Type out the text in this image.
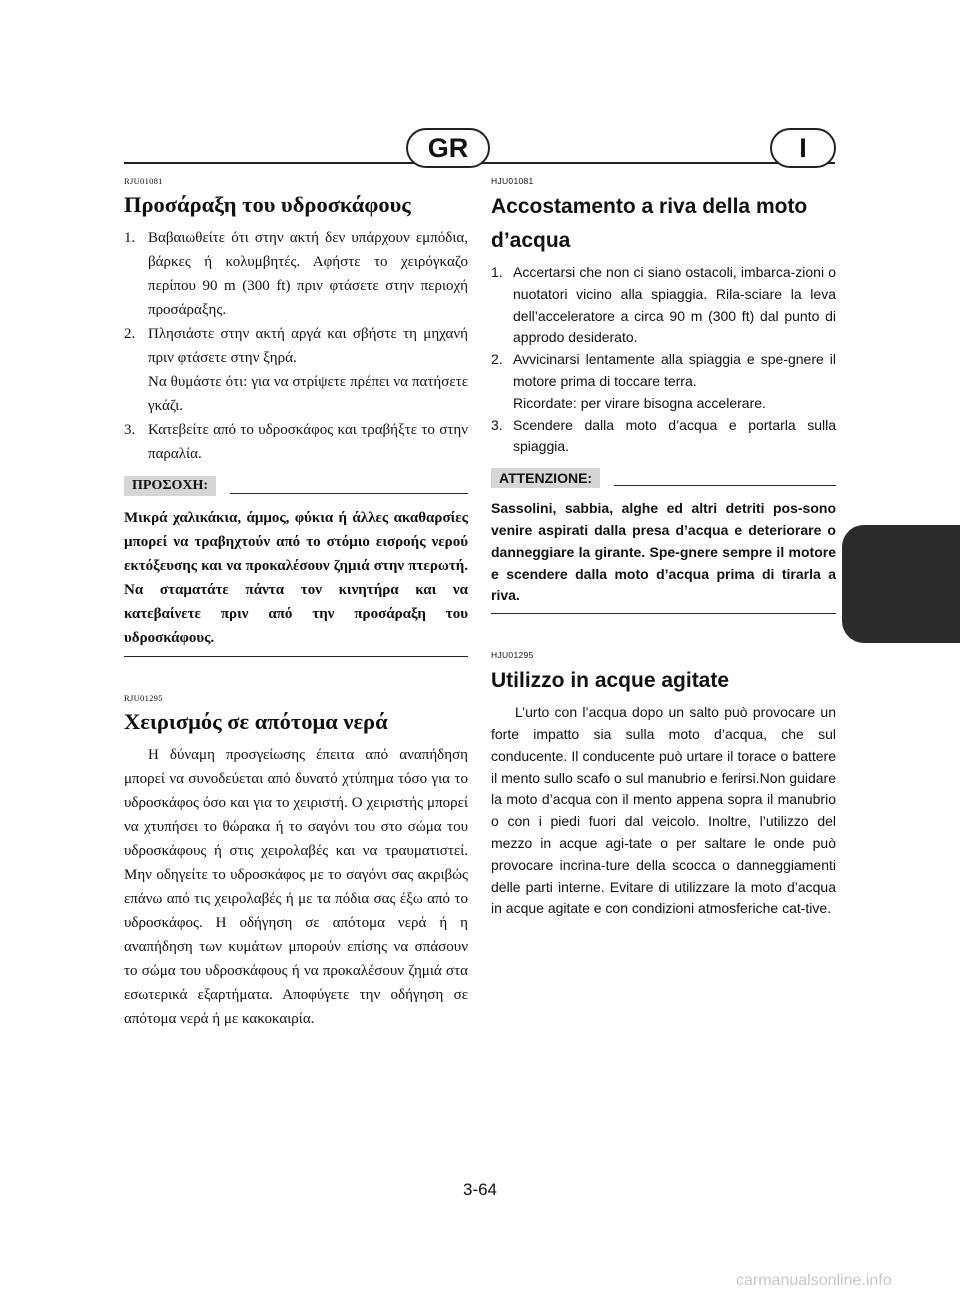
GR	I
RJU01081
Προσάραξη του υδροσκάφους
1. Βαβαιωθείτε ότι στην ακτή δεν υπάρχουν εμπόδια, βάρκες ή κολυμβητές. Αφήστε το χειρόγκαζο περίπου 90 m (300 ft) πριν φτάσετε στην περιοχή προσάραξης.
2. Πλησιάστε στην ακτή αργά και σβήστε τη μηχανή πριν φτάσετε στην ξηρά.
Να θυμάστε ότι: για να στρίψετε πρέπει να πατήσετε γκάζι.
3. Κατεβείτε από το υδροσκάφος και τραβήξτε το στην παραλία.
ΠΡΟΣΟΧΗ:
Μικρά χαλικάκια, άμμος, φύκια ή άλλες ακαθαρσίες μπορεί να τραβηχτούν από το στόμιο εισροής νερού εκτόξευσης και να προκαλέσουν ζημιά στην πτερωτή. Να σταματάτε πάντα τον κινητήρα και να κατεβαίνετε πριν από την προσάραξη του υδροσκάφους.
RJU01295
Χειρισμός σε απότομα νερά
Η δύναμη προσγείωσης έπειτα από αναπήδηση μπορεί να συνοδεύεται από δυνατό χτύπημα τόσο για το υδροσκάφος όσο και για το χειριστή. Ο χειριστής μπορεί να χτυπήσει το θώρακα ή το σαγόνι του στο σώμα του υδροσκάφους ή στις χειρολαβές και να τραυματιστεί. Μην οδηγείτε το υδροσκάφος με το σαγόνι σας ακριβώς επάνω από τις χειρολαβές ή με τα πόδια σας έξω από το υδροσκάφος. Η οδήγηση σε απότομα νερά ή η αναπήδηση των κυμάτων μπορούν επίσης να σπάσουν το σώμα του υδροσκάφους ή να προκαλέσουν ζημιά στα εσωτερικά εξαρτήματα. Αποφύγετε την οδήγηση σε απότομα νερά ή με κακοκαιρία.
HJU01081
Accostamento a riva della moto d’acqua
1. Accertarsi che non ci siano ostacoli, imbarca-zioni o nuotatori vicino alla spiaggia. Rila-sciare la leva dell’acceleratore a circa 90 m (300 ft) dal punto di approdo desiderato.
2. Avvicinarsi lentamente alla spiaggia e spe-gnere il motore prima di toccare terra.
Ricordate: per virare bisogna accelerare.
3. Scendere dalla moto d’acqua e portarla sulla spiaggia.
ATTENZIONE:
Sassolini, sabbia, alghe ed altri detriti pos-sono venire aspirati dalla presa d’acqua e deteriorare o danneggiare la girante. Spe-gnere sempre il motore e scendere dalla moto d’acqua prima di tirarla a riva.
HJU01295
Utilizzo in acque agitate
L’urto con l’acqua dopo un salto può provocare un forte impatto sia sulla moto d’acqua, che sul conducente. Il conducente può urtare il torace o battere il mento sullo scafo o sul manubrio e ferirsi.Non guidare la moto d’acqua con il mento appena sopra il manubrio o con i piedi fuori dal veicolo. Inoltre, l’utilizzo del mezzo in acque agi-tate o per saltare le onde può provocare incrina-ture della scocca o danneggiamenti delle parti interne. Evitare di utilizzare la moto d’acqua in acque agitate e con condizioni atmosferiche cat-tive.
3-64
carmanualsonline.info
